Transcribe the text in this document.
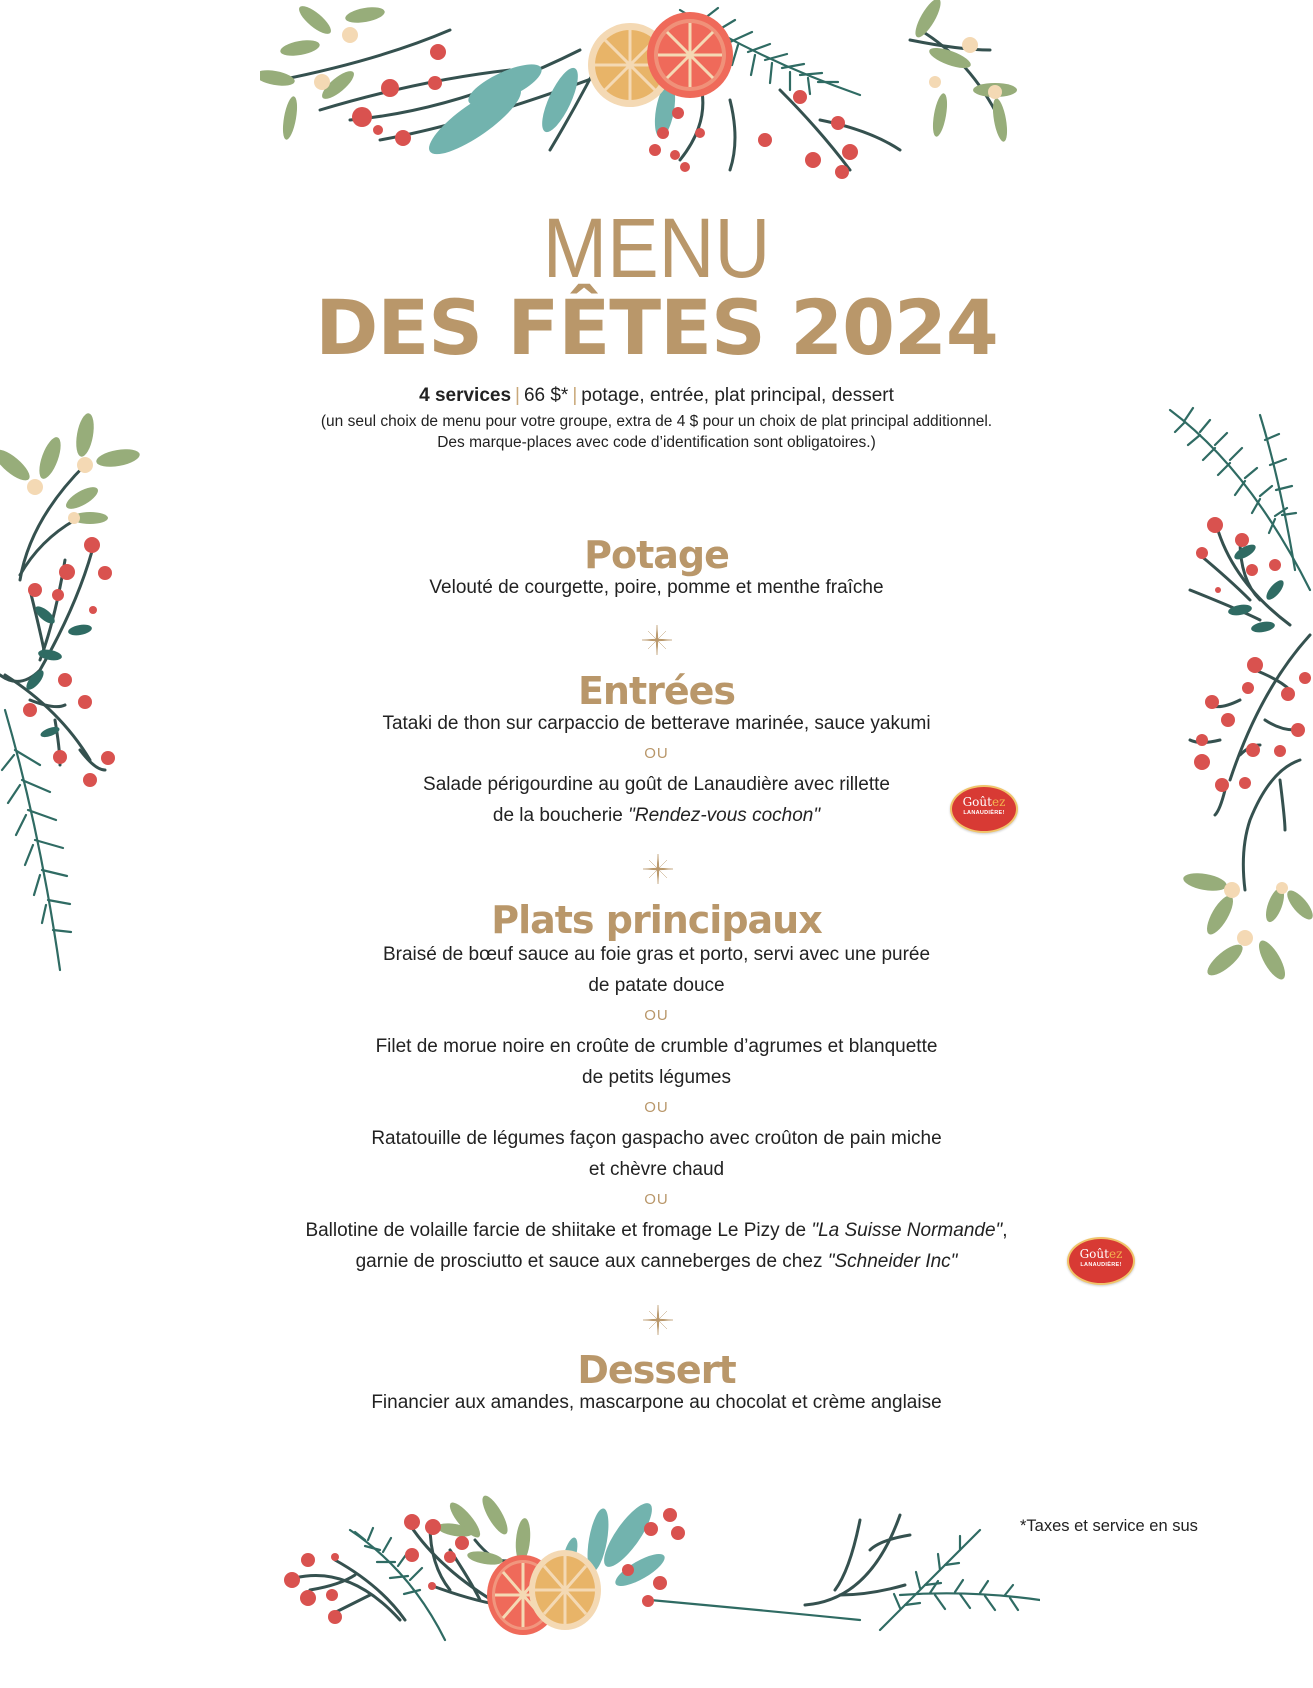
MENU
DES FÊTES 2024
4 services | 66 $* | potage, entrée, plat principal, dessert
(un seul choix de menu pour votre groupe, extra de 4 $ pour un choix de plat principal additionnel.
Des marque-places avec code d’identification sont obligatoires.)
Potage
Velouté de courgette, poire, pomme et menthe fraîche
Entrées
Tataki de thon sur carpaccio de betterave marinée, sauce yakumi
OU
Salade périgourdine au goût de Lanaudière avec rillette
de la boucherie "Rendez-vous cochon"
Goûtez
LANAUDIÈRE!
Plats principaux
Braisé de bœuf sauce au foie gras et porto, servi avec une purée
de patate douce
OU
Filet de morue noire en croûte de crumble d’agrumes et blanquette
de petits légumes
OU
Ratatouille de légumes façon gaspacho avec croûton de pain miche
et chèvre chaud
OU
Ballotine de volaille farcie de shiitake et fromage Le Pizy de "La Suisse Normande",
garnie de prosciutto et sauce aux canneberges de chez "Schneider Inc"	Goûtez
LANAUDIÈRE!
Dessert
Financier aux amandes, mascarpone au chocolat et crème anglaise
*Taxes et service en sus
